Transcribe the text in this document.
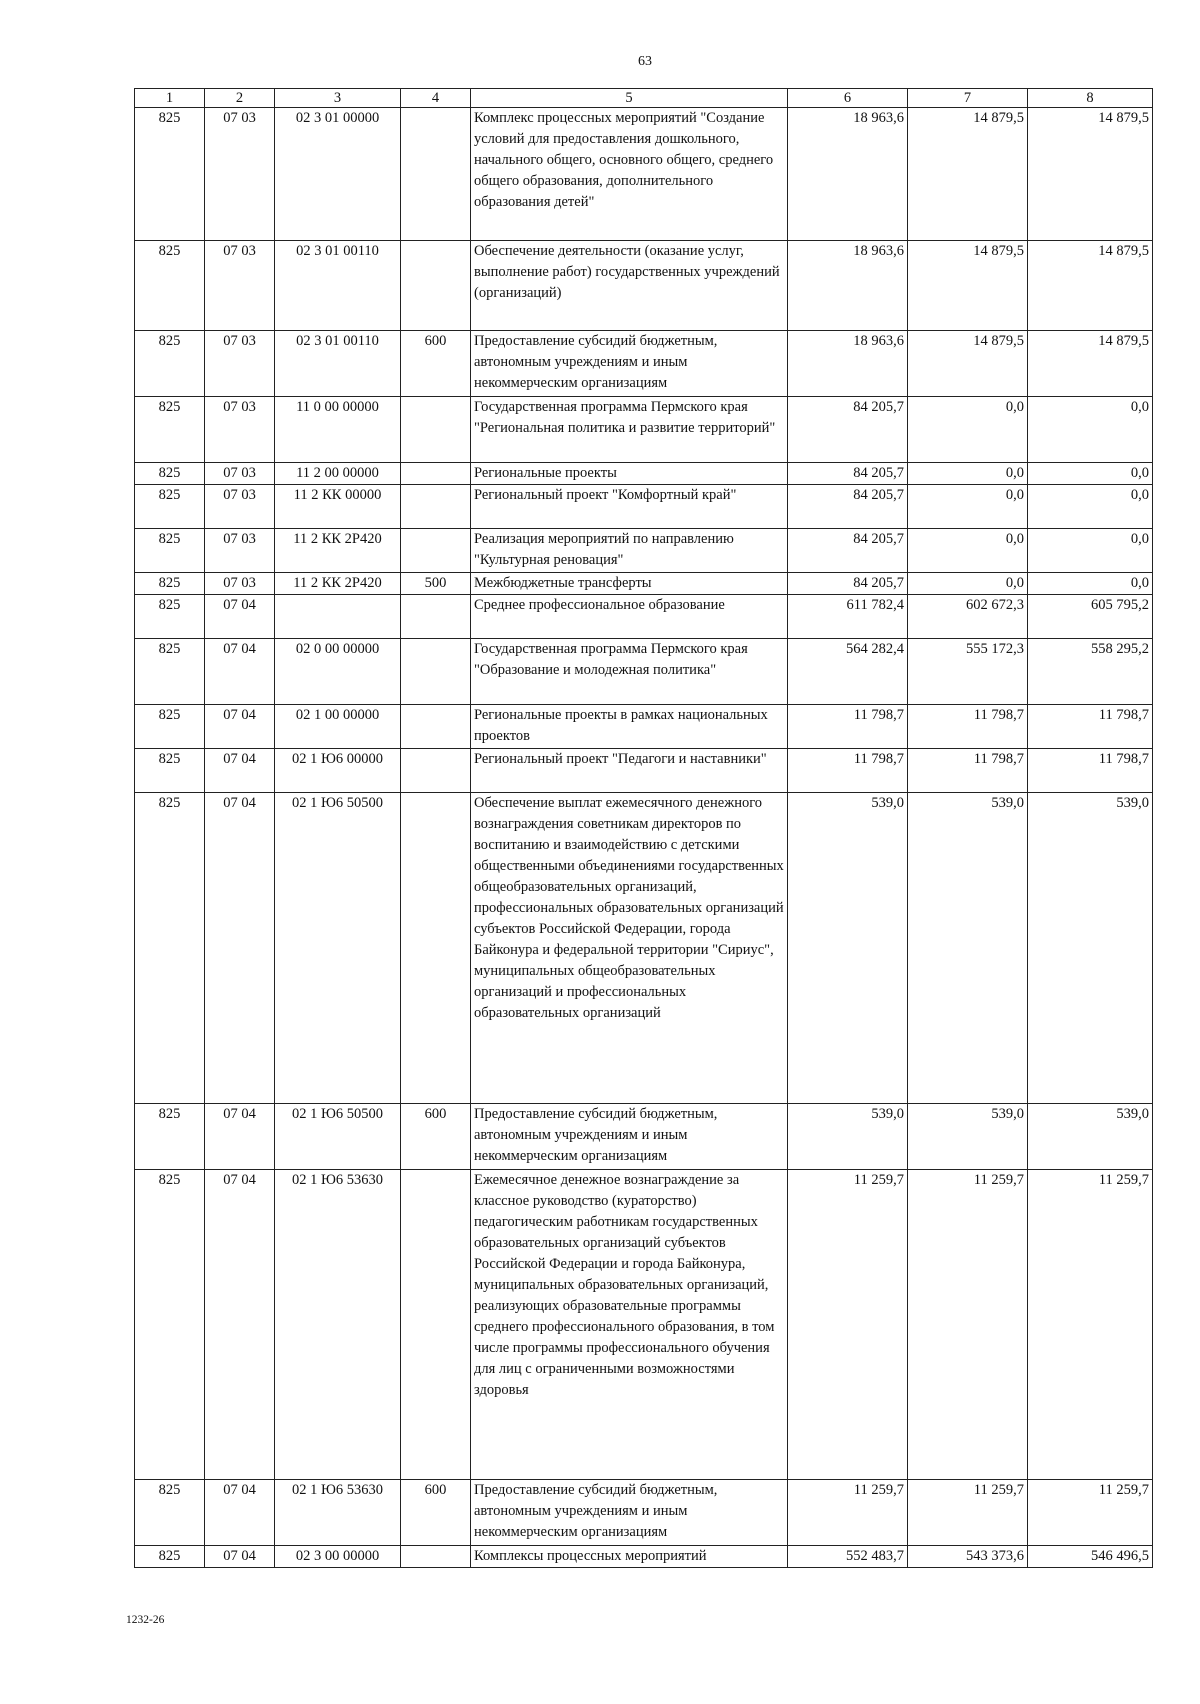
63
1	2	3	4	5	6	7	8
825	07 03	02 3 01 00000		Комплекс процессных мероприятий "Создание условий для предоставления дошкольного, начального общего, основного общего, среднего общего образования, дополнительного образования детей"	18 963,6	14 879,5	14 879,5
825	07 03	02 3 01 00110		Обеспечение деятельности (оказание услуг, выполнение работ) государственных учреждений (организаций)	18 963,6	14 879,5	14 879,5
825	07 03	02 3 01 00110	600	Предоставление субсидий бюджетным, автономным учреждениям и иным некоммерческим организациям	18 963,6	14 879,5	14 879,5
825	07 03	11 0 00 00000		Государственная программа Пермского края "Региональная политика и развитие территорий"	84 205,7	0,0	0,0
825	07 03	11 2 00 00000		Региональные проекты	84 205,7	0,0	0,0
825	07 03	11 2 КК 00000		Региональный проект "Комфортный край"	84 205,7	0,0	0,0
825	07 03	11 2 КК 2Р420		Реализация мероприятий по направлению "Культурная реновация"	84 205,7	0,0	0,0
825	07 03	11 2 КК 2Р420	500	Межбюджетные трансферты	84 205,7	0,0	0,0
825	07 04			Среднее профессиональное образование	611 782,4	602 672,3	605 795,2
825	07 04	02 0 00 00000		Государственная программа Пермского края "Образование и молодежная политика"	564 282,4	555 172,3	558 295,2
825	07 04	02 1 00 00000		Региональные проекты в рамках национальных проектов	11 798,7	11 798,7	11 798,7
825	07 04	02 1 Ю6 00000		Региональный проект "Педагоги и наставники"	11 798,7	11 798,7	11 798,7
825	07 04	02 1 Ю6 50500		Обеспечение выплат ежемесячного денежного вознаграждения советникам директоров по воспитанию и взаимодействию с детскими общественными объединениями государственных общеобразовательных организаций, профессиональных образовательных организаций субъектов Российской Федерации, города Байконура и федеральной территории "Сириус", муниципальных общеобразовательных организаций и профессиональных образовательных организаций	539,0	539,0	539,0
825	07 04	02 1 Ю6 50500	600	Предоставление субсидий бюджетным, автономным учреждениям и иным некоммерческим организациям	539,0	539,0	539,0
825	07 04	02 1 Ю6 53630		Ежемесячное денежное вознаграждение за классное руководство (кураторство) педагогическим работникам государственных образовательных организаций субъектов Российской Федерации и города Байконура, муниципальных образовательных организаций, реализующих образовательные программы среднего профессионального образования, в том числе программы профессионального обучения для лиц с ограниченными возможностями здоровья	11 259,7	11 259,7	11 259,7
825	07 04	02 1 Ю6 53630	600	Предоставление субсидий бюджетным, автономным учреждениям и иным некоммерческим организациям	11 259,7	11 259,7	11 259,7
825	07 04	02 3 00 00000		Комплексы процессных мероприятий	552 483,7	543 373,6	546 496,5
1232-26
